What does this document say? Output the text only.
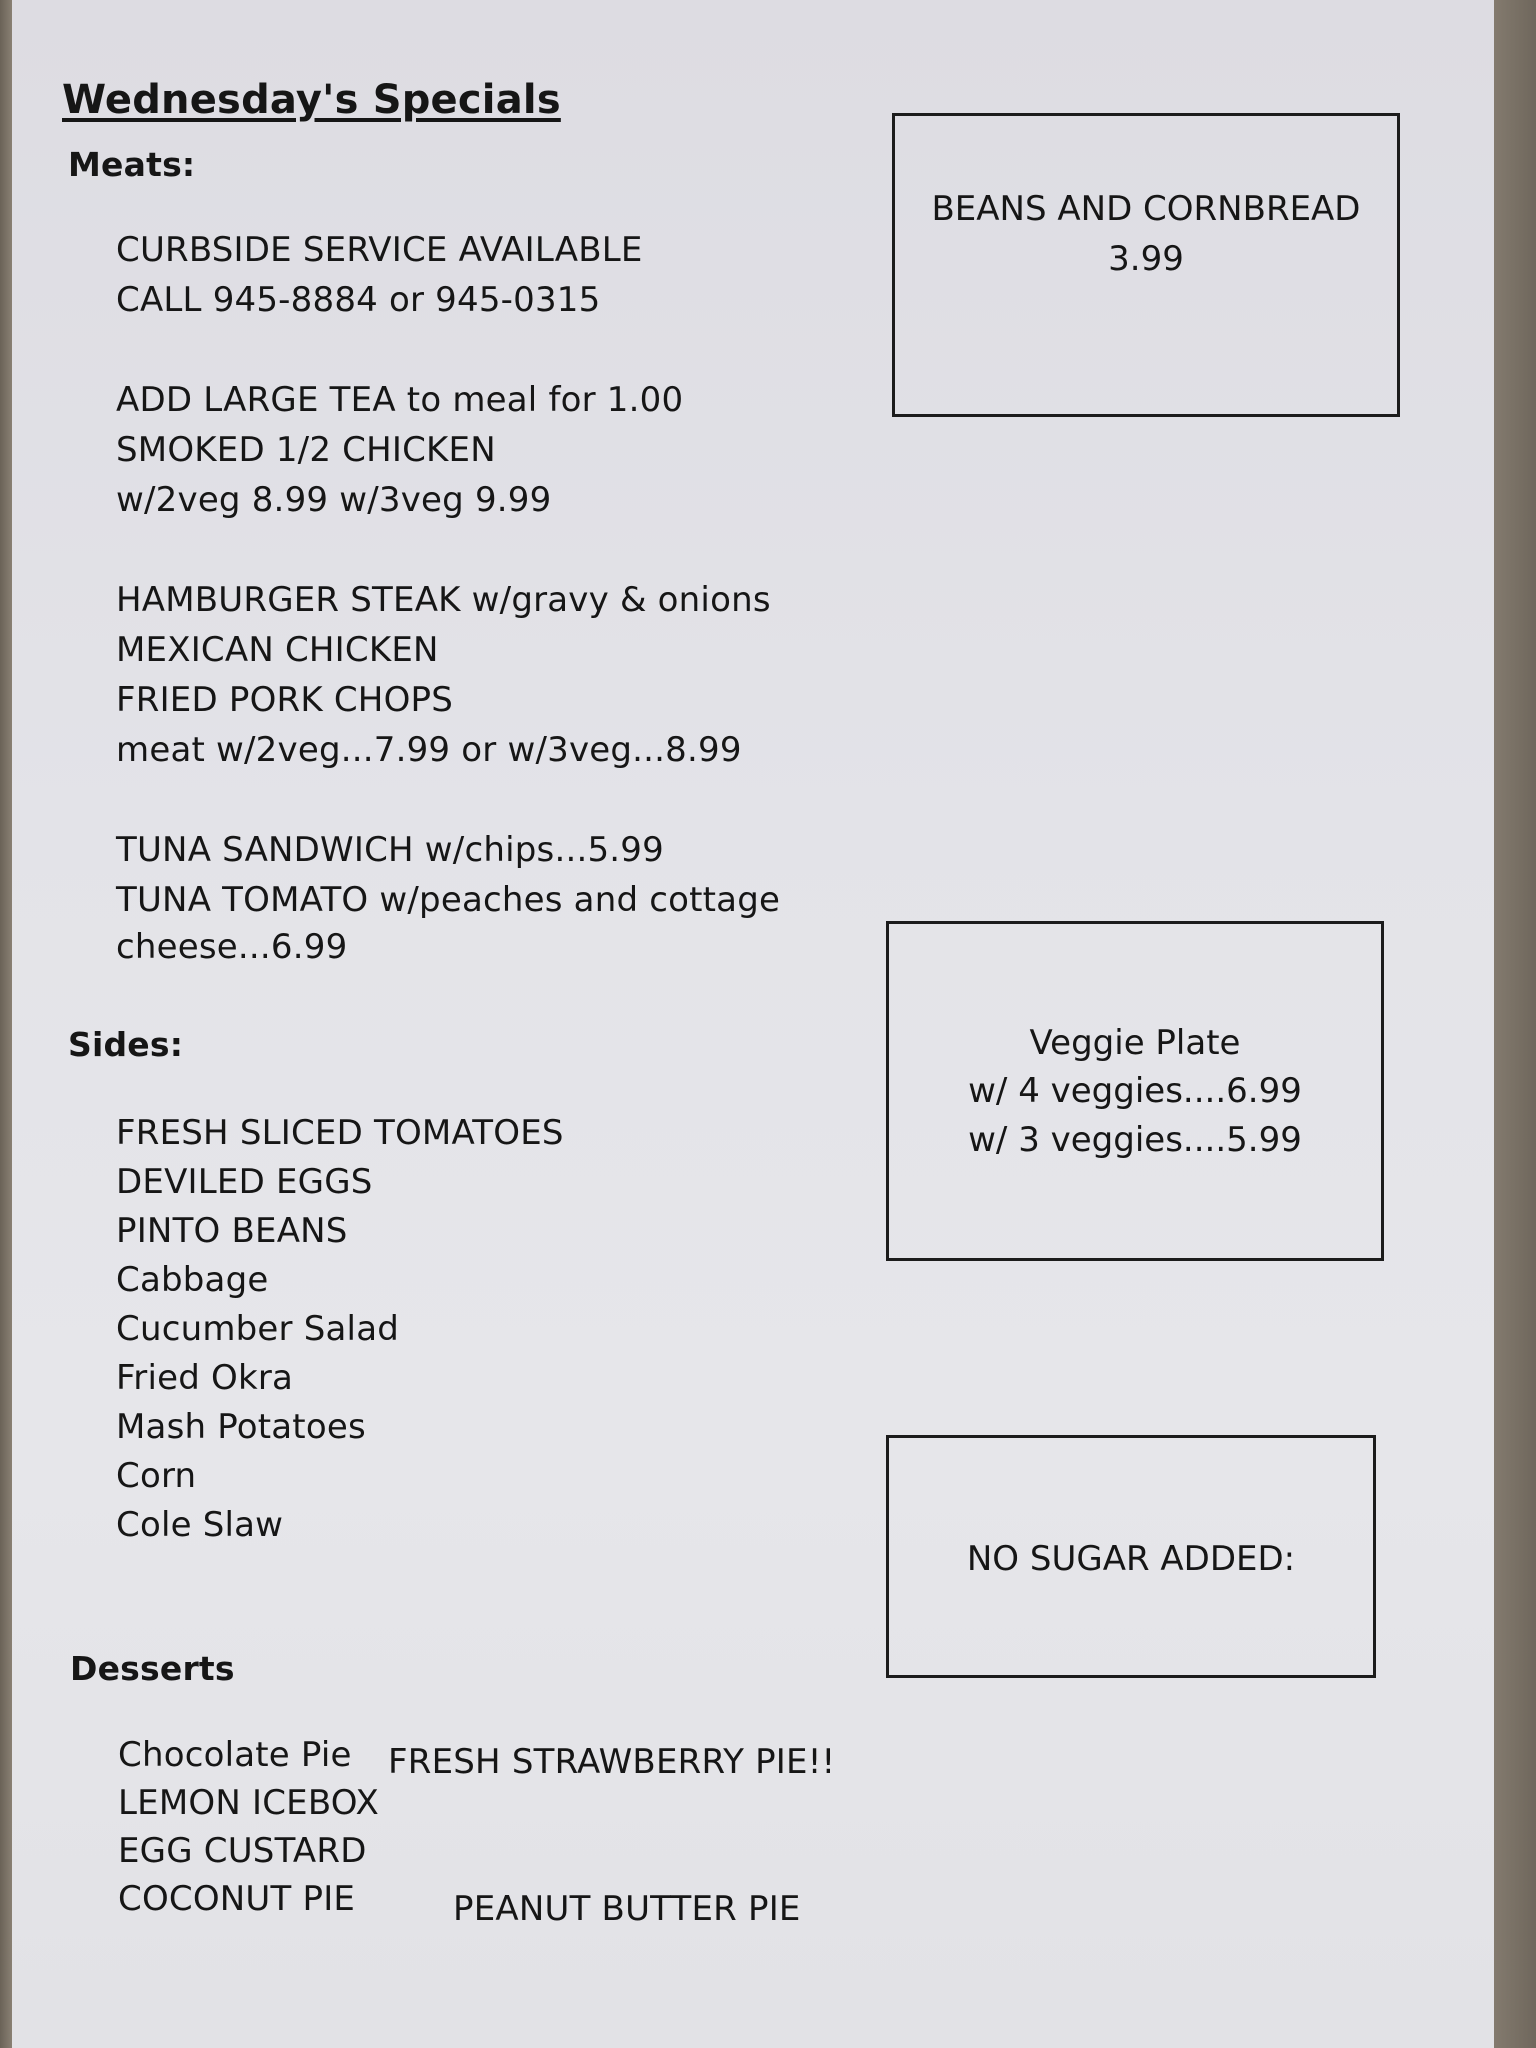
Wednesday's Specials
Meats:
CURBSIDE SERVICE AVAILABLE
CALL 945-8884 or 945-0315
ADD LARGE TEA to meal for 1.00
SMOKED 1/2 CHICKEN
w/2veg 8.99 w/3veg 9.99
HAMBURGER STEAK w/gravy & onions
MEXICAN CHICKEN
FRIED PORK CHOPS
meat w/2veg...7.99 or w/3veg...8.99
TUNA SANDWICH w/chips...5.99
TUNA TOMATO w/peaches and cottage
cheese...6.99
Sides:
FRESH SLICED TOMATOES
DEVILED EGGS
PINTO BEANS
Cabbage
Cucumber Salad
Fried Okra
Mash Potatoes
Corn
Cole Slaw
Desserts
Chocolate Pie FRESH STRAWBERRY PIE!!
LEMON ICEBOX
EGG CUSTARD
COCONUT PIE	PEANUT BUTTER PIE
BEANS AND CORNBREAD
3.99
Veggie Plate
w/ 4 veggies....6.99
w/ 3 veggies....5.99
NO SUGAR ADDED:
